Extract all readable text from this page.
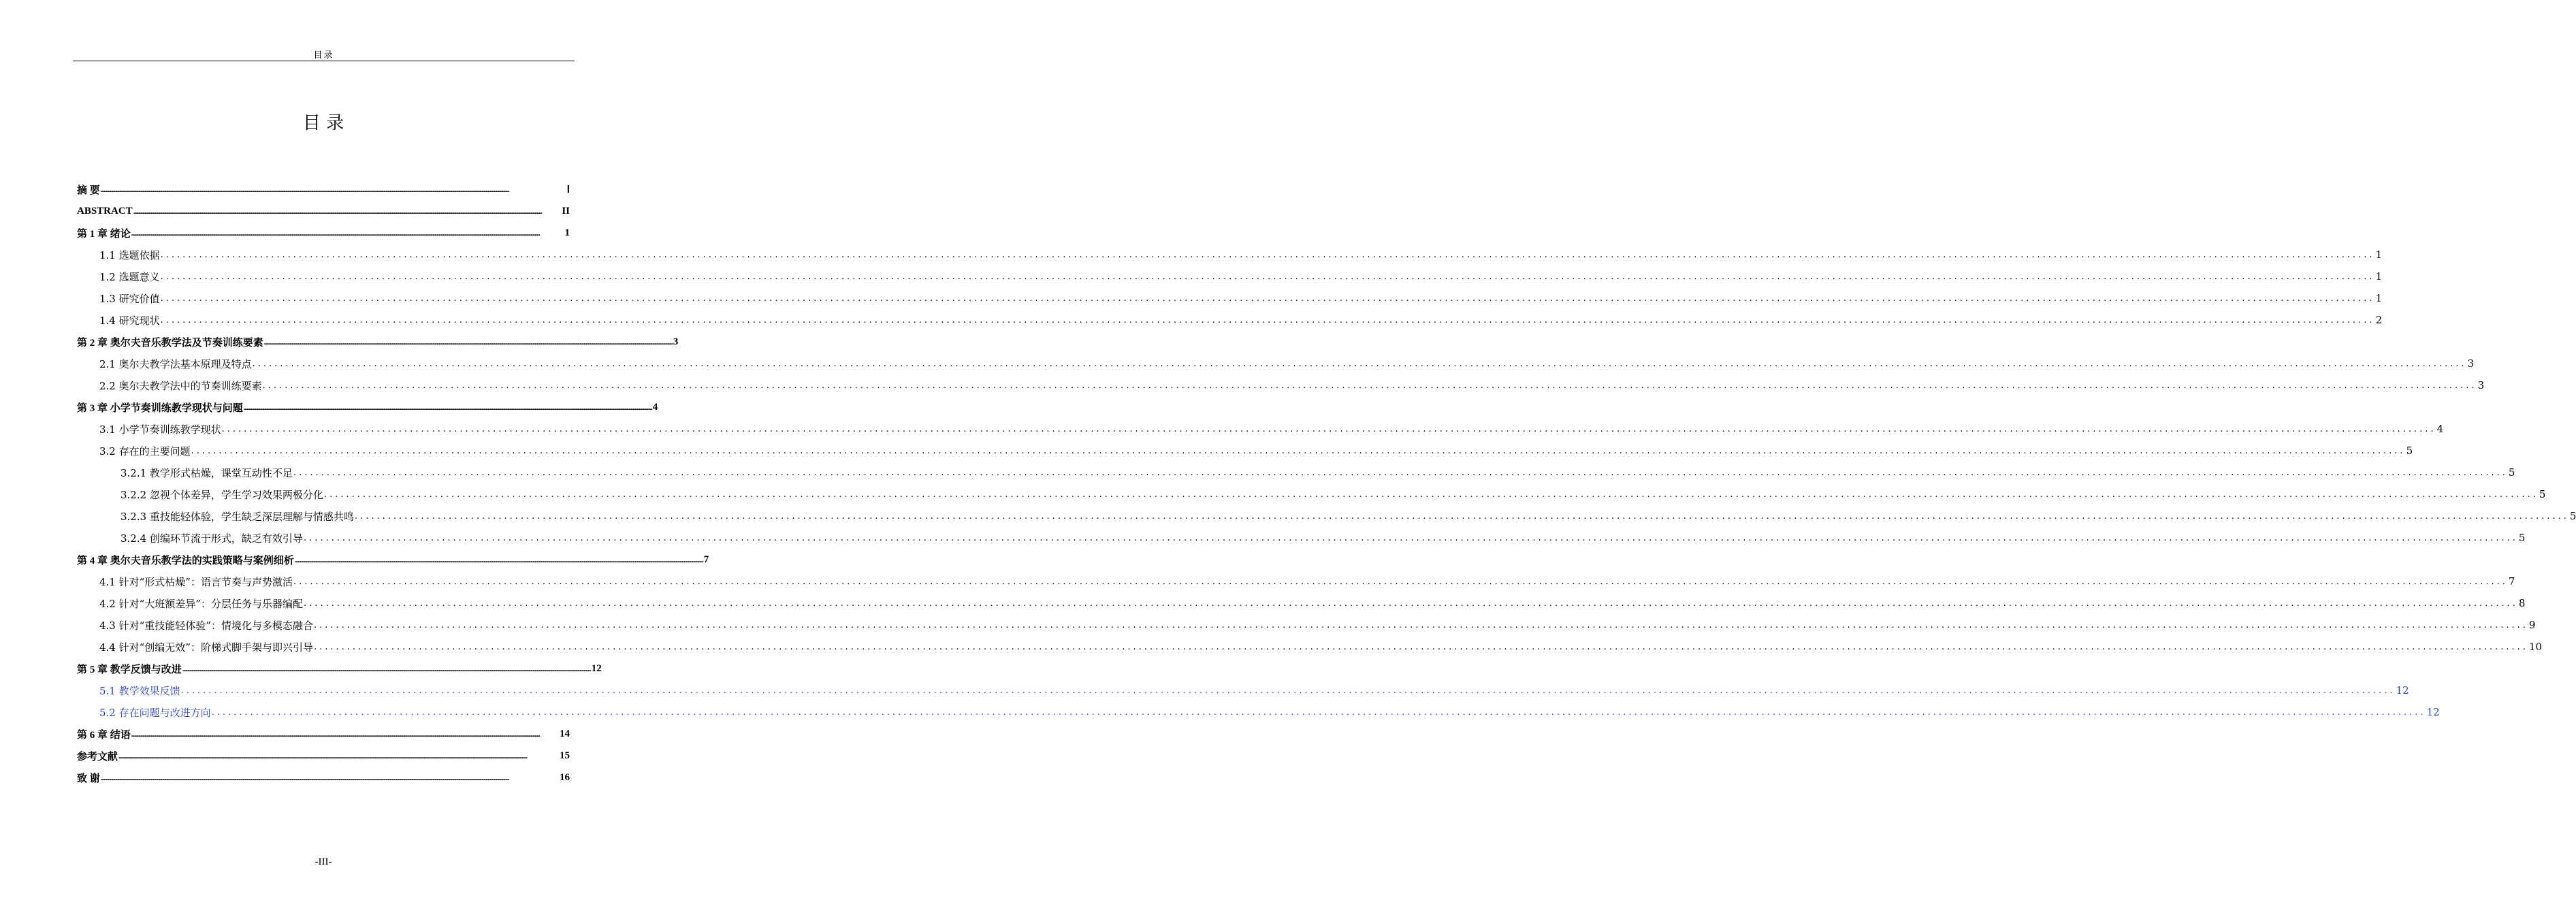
目录
目 录
摘 要 ................................................................................................................................................................................................................................................................................................................................................................................................................	Ⅰ
ABSTRACT ................................................................................................................................................................................................................................................................................................................................................................................................................	II
第 1 章 绪论 ................................................................................................................................................................................................................................................................................................................................................................................................................	1
1.1 选题依据 ................................................................................................................................................................................................................................................................................................................................................................................................................ 1
1.2 选题意义 ................................................................................................................................................................................................................................................................................................................................................................................................................ 1
1.3 研究价值 ................................................................................................................................................................................................................................................................................................................................................................................................................ 1
1.4 研究现状 ................................................................................................................................................................................................................................................................................................................................................................................................................ 2
第 2 章 奥尔夫音乐教学法及节奏训练要素 ................................................................................................................................................................................................................................................................................................................................................................................................................ 3
2.1 奥尔夫教学法基本原理及特点 ................................................................................................................................................................................................................................................................................................................................................................................................................ 3
2.2 奥尔夫教学法中的节奏训练要素 ................................................................................................................................................................................................................................................................................................................................................................................................................ 3
第 3 章 小学节奏训练教学现状与问题 ................................................................................................................................................................................................................................................................................................................................................................................................................ 4
3.1 小学节奏训练教学现状 ................................................................................................................................................................................................................................................................................................................................................................................................................ 4
3.2 存在的主要问题 ................................................................................................................................................................................................................................................................................................................................................................................................................ 5
3.2.1 教学形式枯燥，课堂互动性不足 ................................................................................................................................................................................................................................................................................................................................................................................................................ 5
3.2.2 忽视个体差异，学生学习效果两极分化 ................................................................................................................................................................................................................................................................................................................................................................................................................ 5
3.2.3 重技能轻体验，学生缺乏深层理解与情感共鸣 ................................................................................................................................................................................................................................................................................................................................................................................................................ 5
3.2.4 创编环节流于形式，缺乏有效引导 ................................................................................................................................................................................................................................................................................................................................................................................................................ 5
第 4 章 奥尔夫音乐教学法的实践策略与案例细析 ................................................................................................................................................................................................................................................................................................................................................................................................................ 7
4.1 针对“形式枯燥”：语言节奏与声势激活 ................................................................................................................................................................................................................................................................................................................................................................................................................ 7
4.2 针对“大班额差异”：分层任务与乐器编配 ................................................................................................................................................................................................................................................................................................................................................................................................................ 8
4.3 针对“重技能轻体验”：情境化与多模态融合 ................................................................................................................................................................................................................................................................................................................................................................................................................ 9
4.4 针对“创编无效”：阶梯式脚手架与即兴引导 ................................................................................................................................................................................................................................................................................................................................................................................................................ 10
第 5 章 教学反馈与改进 ................................................................................................................................................................................................................................................................................................................................................................................................................ 12
5.1 教学效果反馈 ................................................................................................................................................................................................................................................................................................................................................................................................................ 12
5.2 存在问题与改进方向 ................................................................................................................................................................................................................................................................................................................................................................................................................ 12
第 6 章 结语 ................................................................................................................................................................................................................................................................................................................................................................................................................	14
参考文献 ................................................................................................................................................................................................................................................................................................................................................................................................................	15
致 谢 ................................................................................................................................................................................................................................................................................................................................................................................................................	16
-III-
